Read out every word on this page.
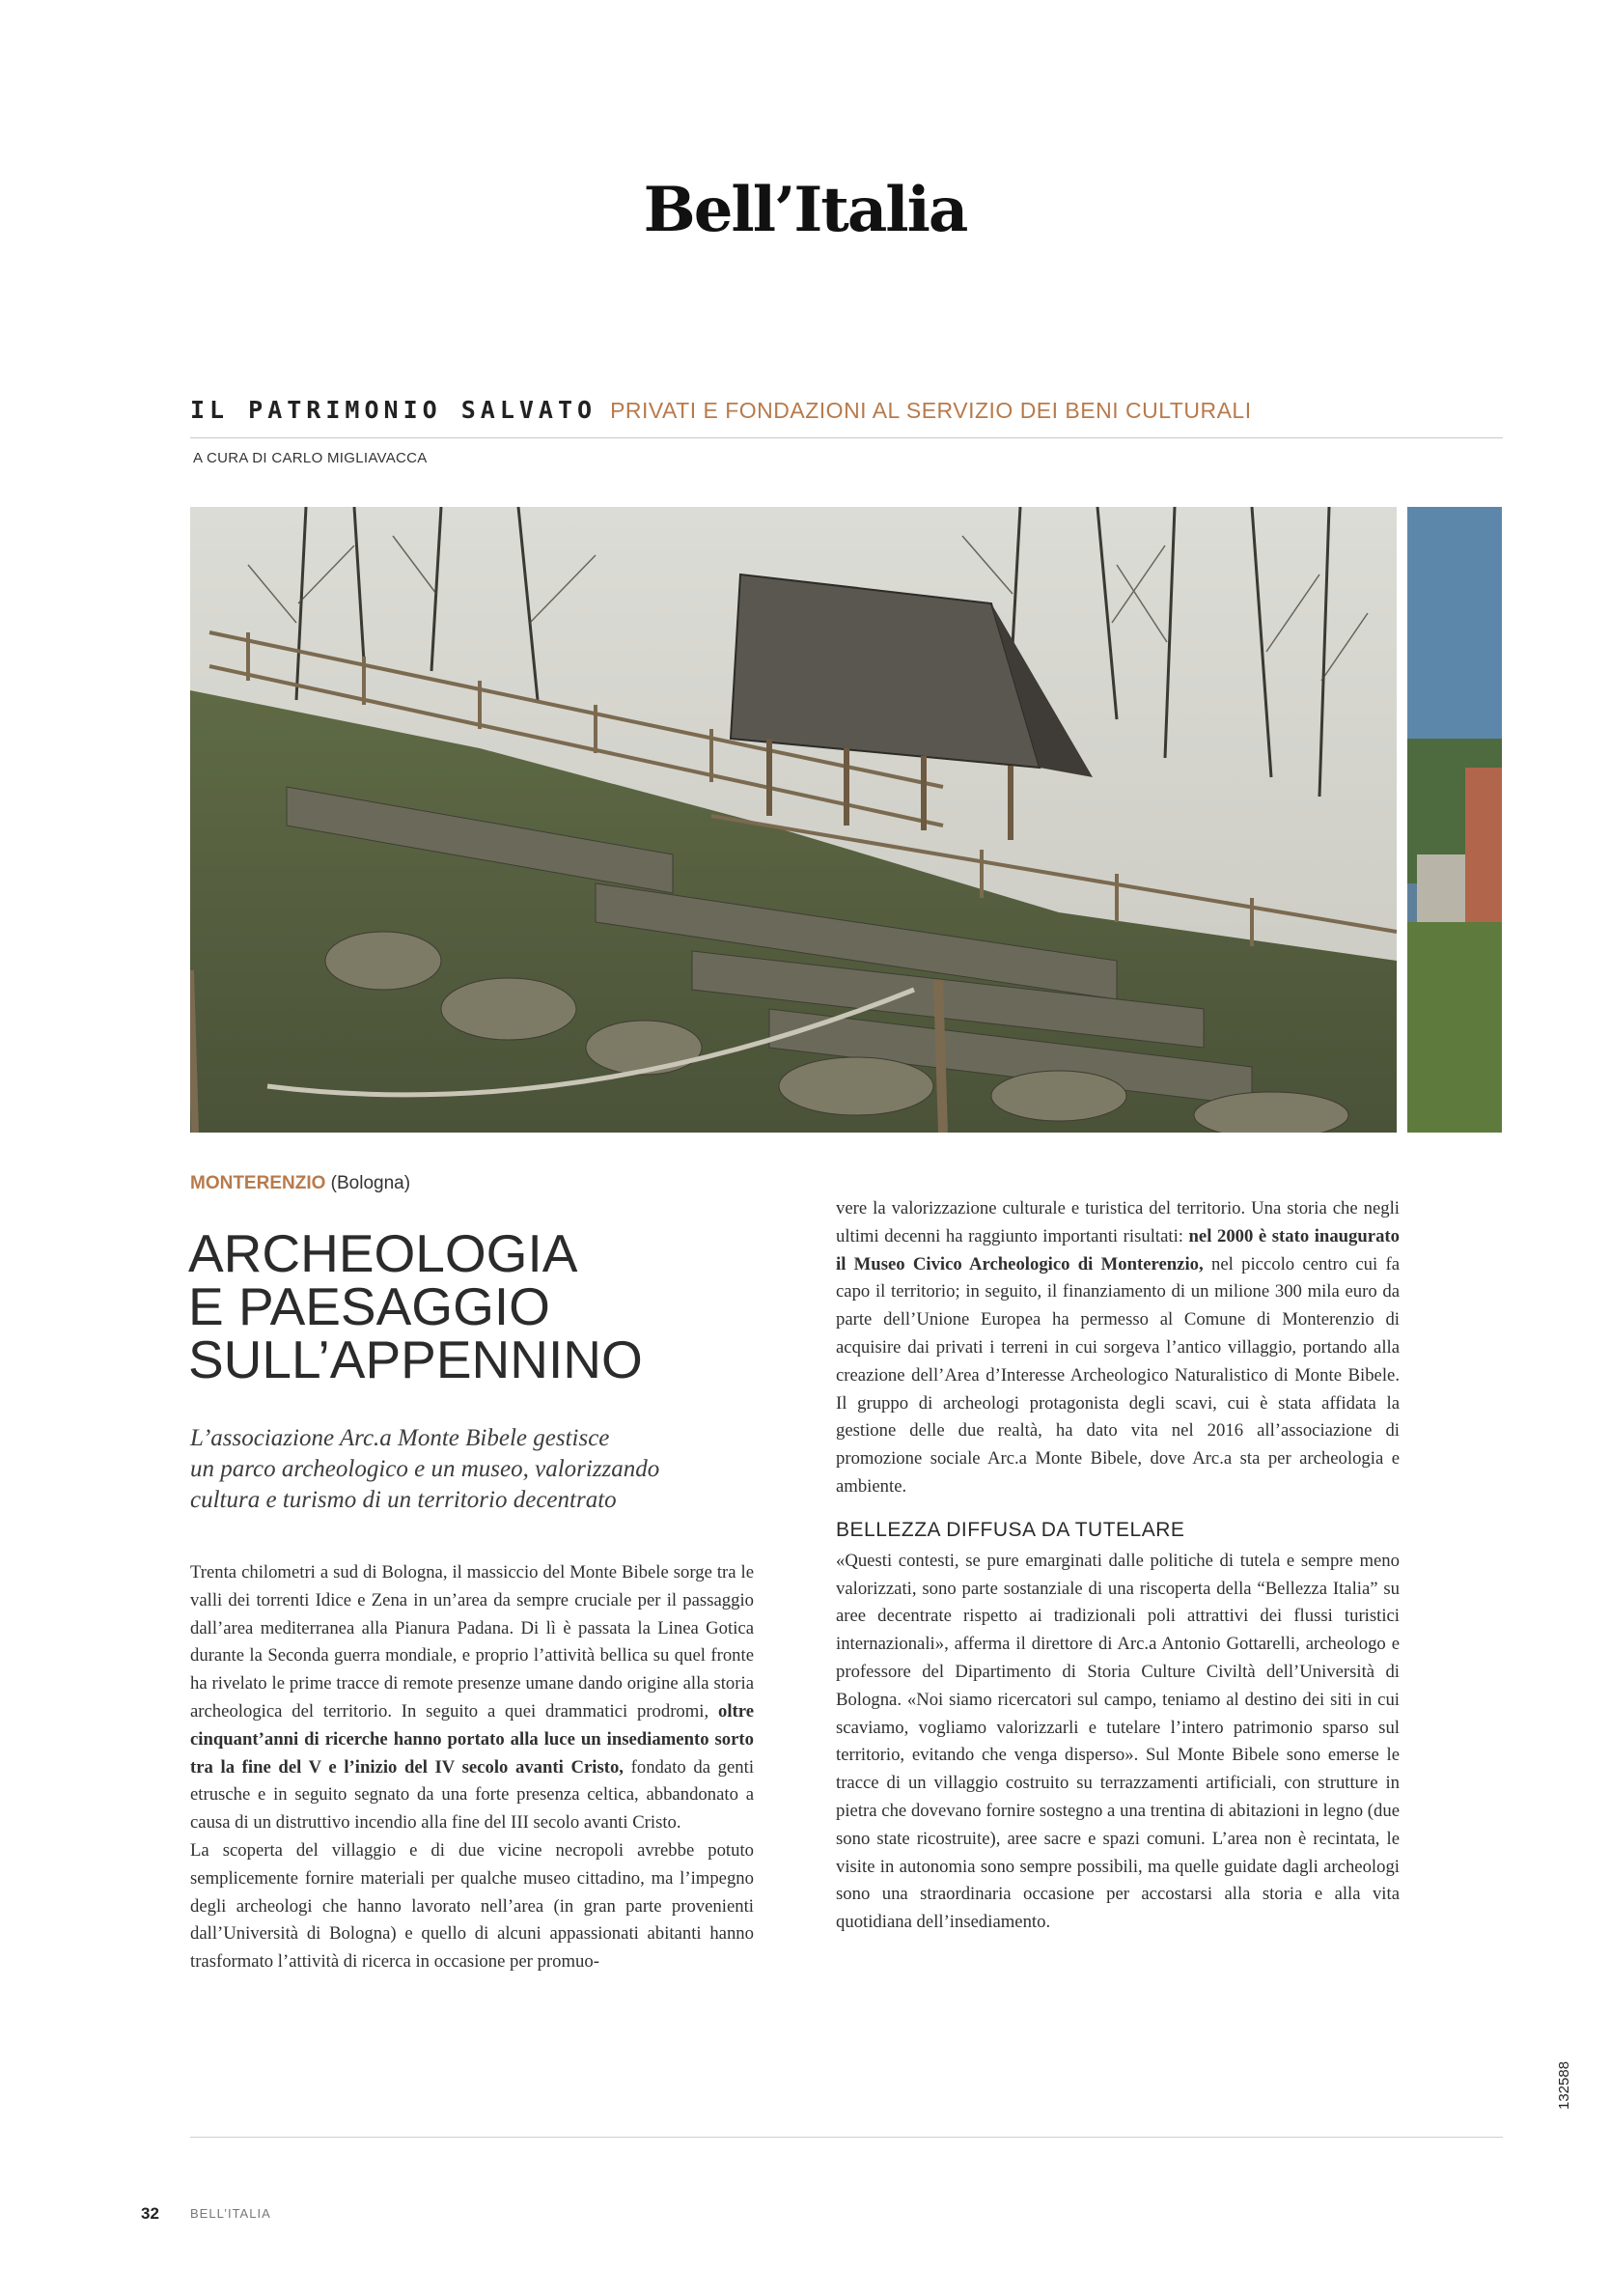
Bell’Italia
IL PATRIMONIO SALVATO PRIVATI E FONDAZIONI AL SERVIZIO DEI BENI CULTURALI
A CURA DI CARLO MIGLIAVACCA
MONTERENZIO (Bologna)
ARCHEOLOGIA
E PAESAGGIO
SULL’APPENNINO
L’associazione Arc.a Monte Bibele gestisce
un parco archeologico e un museo, valorizzando
cultura e turismo di un territorio decentrato

Trenta chilometri a sud di Bologna, il massiccio del Monte Bibele sorge tra le valli dei torrenti Idice e Zena in un’area da sempre cruciale per il passaggio dall’area mediterranea alla Pianura Padana. Di lì è passata la Linea Gotica durante la Seconda guerra mondiale, e proprio l’attività bellica su quel fronte ha rivelato le prime tracce di remote presenze umane dando origine alla storia archeologica del territorio. In seguito a quei drammatici prodromi, oltre cinquant’anni di ricerche hanno portato alla luce un insediamento sorto tra la fine del V e l’inizio del IV secolo avanti Cristo, fondato da genti etrusche e in seguito segnato da una forte presenza celtica, abbandonato a causa di un distruttivo incendio alla fine del III secolo avanti Cristo.

La scoperta del villaggio e di due vicine necropoli avrebbe potuto semplicemente fornire materiali per qualche museo cittadino, ma l’impegno degli archeologi che hanno lavorato nell’area (in gran parte provenienti dall’Università di Bologna) e quello di alcuni appassionati abitanti hanno trasformato l’attività di ricerca in occasione per promuo-

vere la valorizzazione culturale e turistica del territorio. Una storia che negli ultimi decenni ha raggiunto importanti risultati: nel 2000 è stato inaugurato il Museo Civico Archeologico di Monterenzio, nel piccolo centro cui fa capo il territorio; in seguito, il finanziamento di un milione 300 mila euro da parte dell’Unione Europea ha permesso al Comune di Monterenzio di acquisire dai privati i terreni in cui sorgeva l’antico villaggio, portando alla creazione dell’Area d’Interesse Archeologico Naturalistico di Monte Bibele. Il gruppo di archeologi protagonista degli scavi, cui è stata affidata la gestione delle due realtà, ha dato vita nel 2016 all’associazione di promozione sociale Arc.a Monte Bibele, dove Arc.a sta per archeologia e ambiente.

BELLEZZA DIFFUSA DA TUTELARE

«Questi contesti, se pure emarginati dalle politiche di tutela e sempre meno valorizzati, sono parte sostanziale di una riscoperta della “Bellezza Italia” su aree decentrate rispetto ai tradizionali poli attrattivi dei flussi turistici internazionali», afferma il direttore di Arc.a Antonio Gottarelli, archeologo e professore del Dipartimento di Storia Culture Civiltà dell’Università di Bologna. «Noi siamo ricercatori sul campo, teniamo al destino dei siti in cui scaviamo, vogliamo valorizzarli e tutelare l’intero patrimonio sparso sul territorio, evitando che venga disperso». Sul Monte Bibele sono emerse le tracce di un villaggio costruito su terrazzamenti artificiali, con strutture in pietra che dovevano fornire sostegno a una trentina di abitazioni in legno (due sono state ricostruite), aree sacre e spazi comuni. L’area non è recintata, le visite in autonomia sono sempre possibili, ma quelle guidate dagli archeologi sono una straordinaria occasione per accostarsi alla storia e alla vita quotidiana dell’insediamento.

32 BELL’ITALIA
132588
